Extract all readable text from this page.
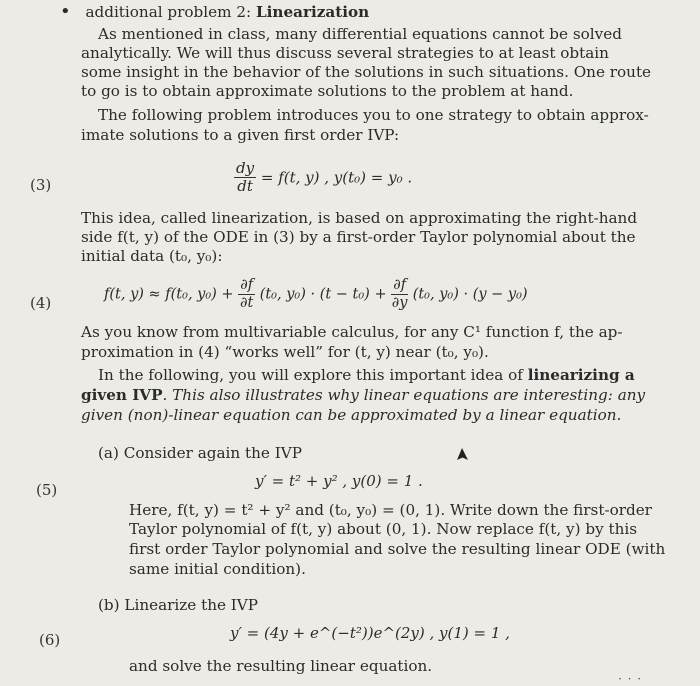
• additional problem 2: Linearization
As mentioned in class, many differential equations cannot be solved
analytically. We will thus discuss several strategies to at least obtain
some insight in the behavior of the solutions in such situations. One route
to go is to obtain approximate solutions to the problem at hand.
The following problem introduces you to one strategy to obtain approx-
imate solutions to a given first order IVP:
(3)	$\frac{dy}{dt} = f(t$, y) , y(t₀) = y₀ .
This idea, called linearization, is based on approximating the right-hand
side f(t, y) of the ODE in (3) by a first-order Taylor polynomial about the
initial data (t₀, y₀):
(4)	f(t, y) ≈ f(t₀, $y_0) + \frac{\partial f}{\partial t} (t_0$, $y_0) \cdot (t - t_0) + \frac{\partial f}{\partial y} (t_0$, y₀) · (y − y₀)
As you know from multivariable calculus, for any C¹ function f, the ap-
proximation in (4) “works well” for (t, y) near (t₀, y₀).
In the following, you will explore this important idea of linearizing a
given IVP. This also illustrates why linear equations are interesting: any
given (non)-linear equation can be approximated by a linear equation.
(a) Consider again the IVP
(5)	y′ = t² + y² , y(0) = 1 .
Here, f(t, y) = t² + y² and (t₀, y₀) = (0, 1). Write down the first-order
Taylor polynomial of f(t, y) about (0, 1). Now replace f(t, y) by this
first order Taylor polynomial and solve the resulting linear ODE (with
same initial condition).
(b) Linearize the IVP
(6)	y′ = (4y + e^(−t²))e^(2y) , y(1) = 1 ,
and solve the resulting linear equation.
· · ·
